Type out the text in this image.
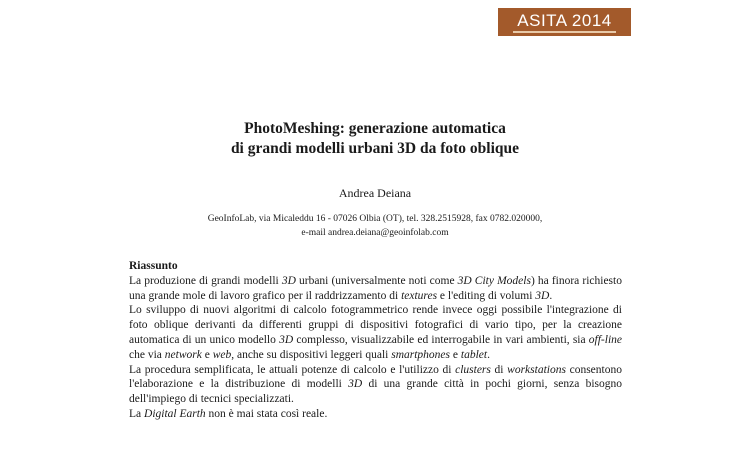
ASITA 2014
PhotoMeshing: generazione automatica
di grandi modelli urbani 3D da foto oblique
Andrea Deiana
GeoInfoLab, via Micaleddu 16 - 07026 Olbia (OT), tel. 328.2515928, fax 0782.020000,
e-mail andrea.deiana@geoinfolab.com
Riassunto

La produzione di grandi modelli 3D urbani (universalmente noti come 3D City Models) ha finora richiesto una grande mole di lavoro grafico per il raddrizzamento di textures e l'editing di volumi 3D.

Lo sviluppo di nuovi algoritmi di calcolo fotogrammetrico rende invece oggi possibile l'integrazione di foto oblique derivanti da differenti gruppi di dispositivi fotografici di vario tipo, per la creazione automatica di un unico modello 3D complesso, visualizzabile ed interrogabile in vari ambienti, sia off-line che via network e web, anche su dispositivi leggeri quali smartphones e tablet.

La procedura semplificata, le attuali potenze di calcolo e l'utilizzo di clusters di workstations consentono l'elaborazione e la distribuzione di modelli 3D di una grande città in pochi giorni, senza bisogno dell'impiego di tecnici specializzati.

La Digital Earth non è mai stata così reale.
